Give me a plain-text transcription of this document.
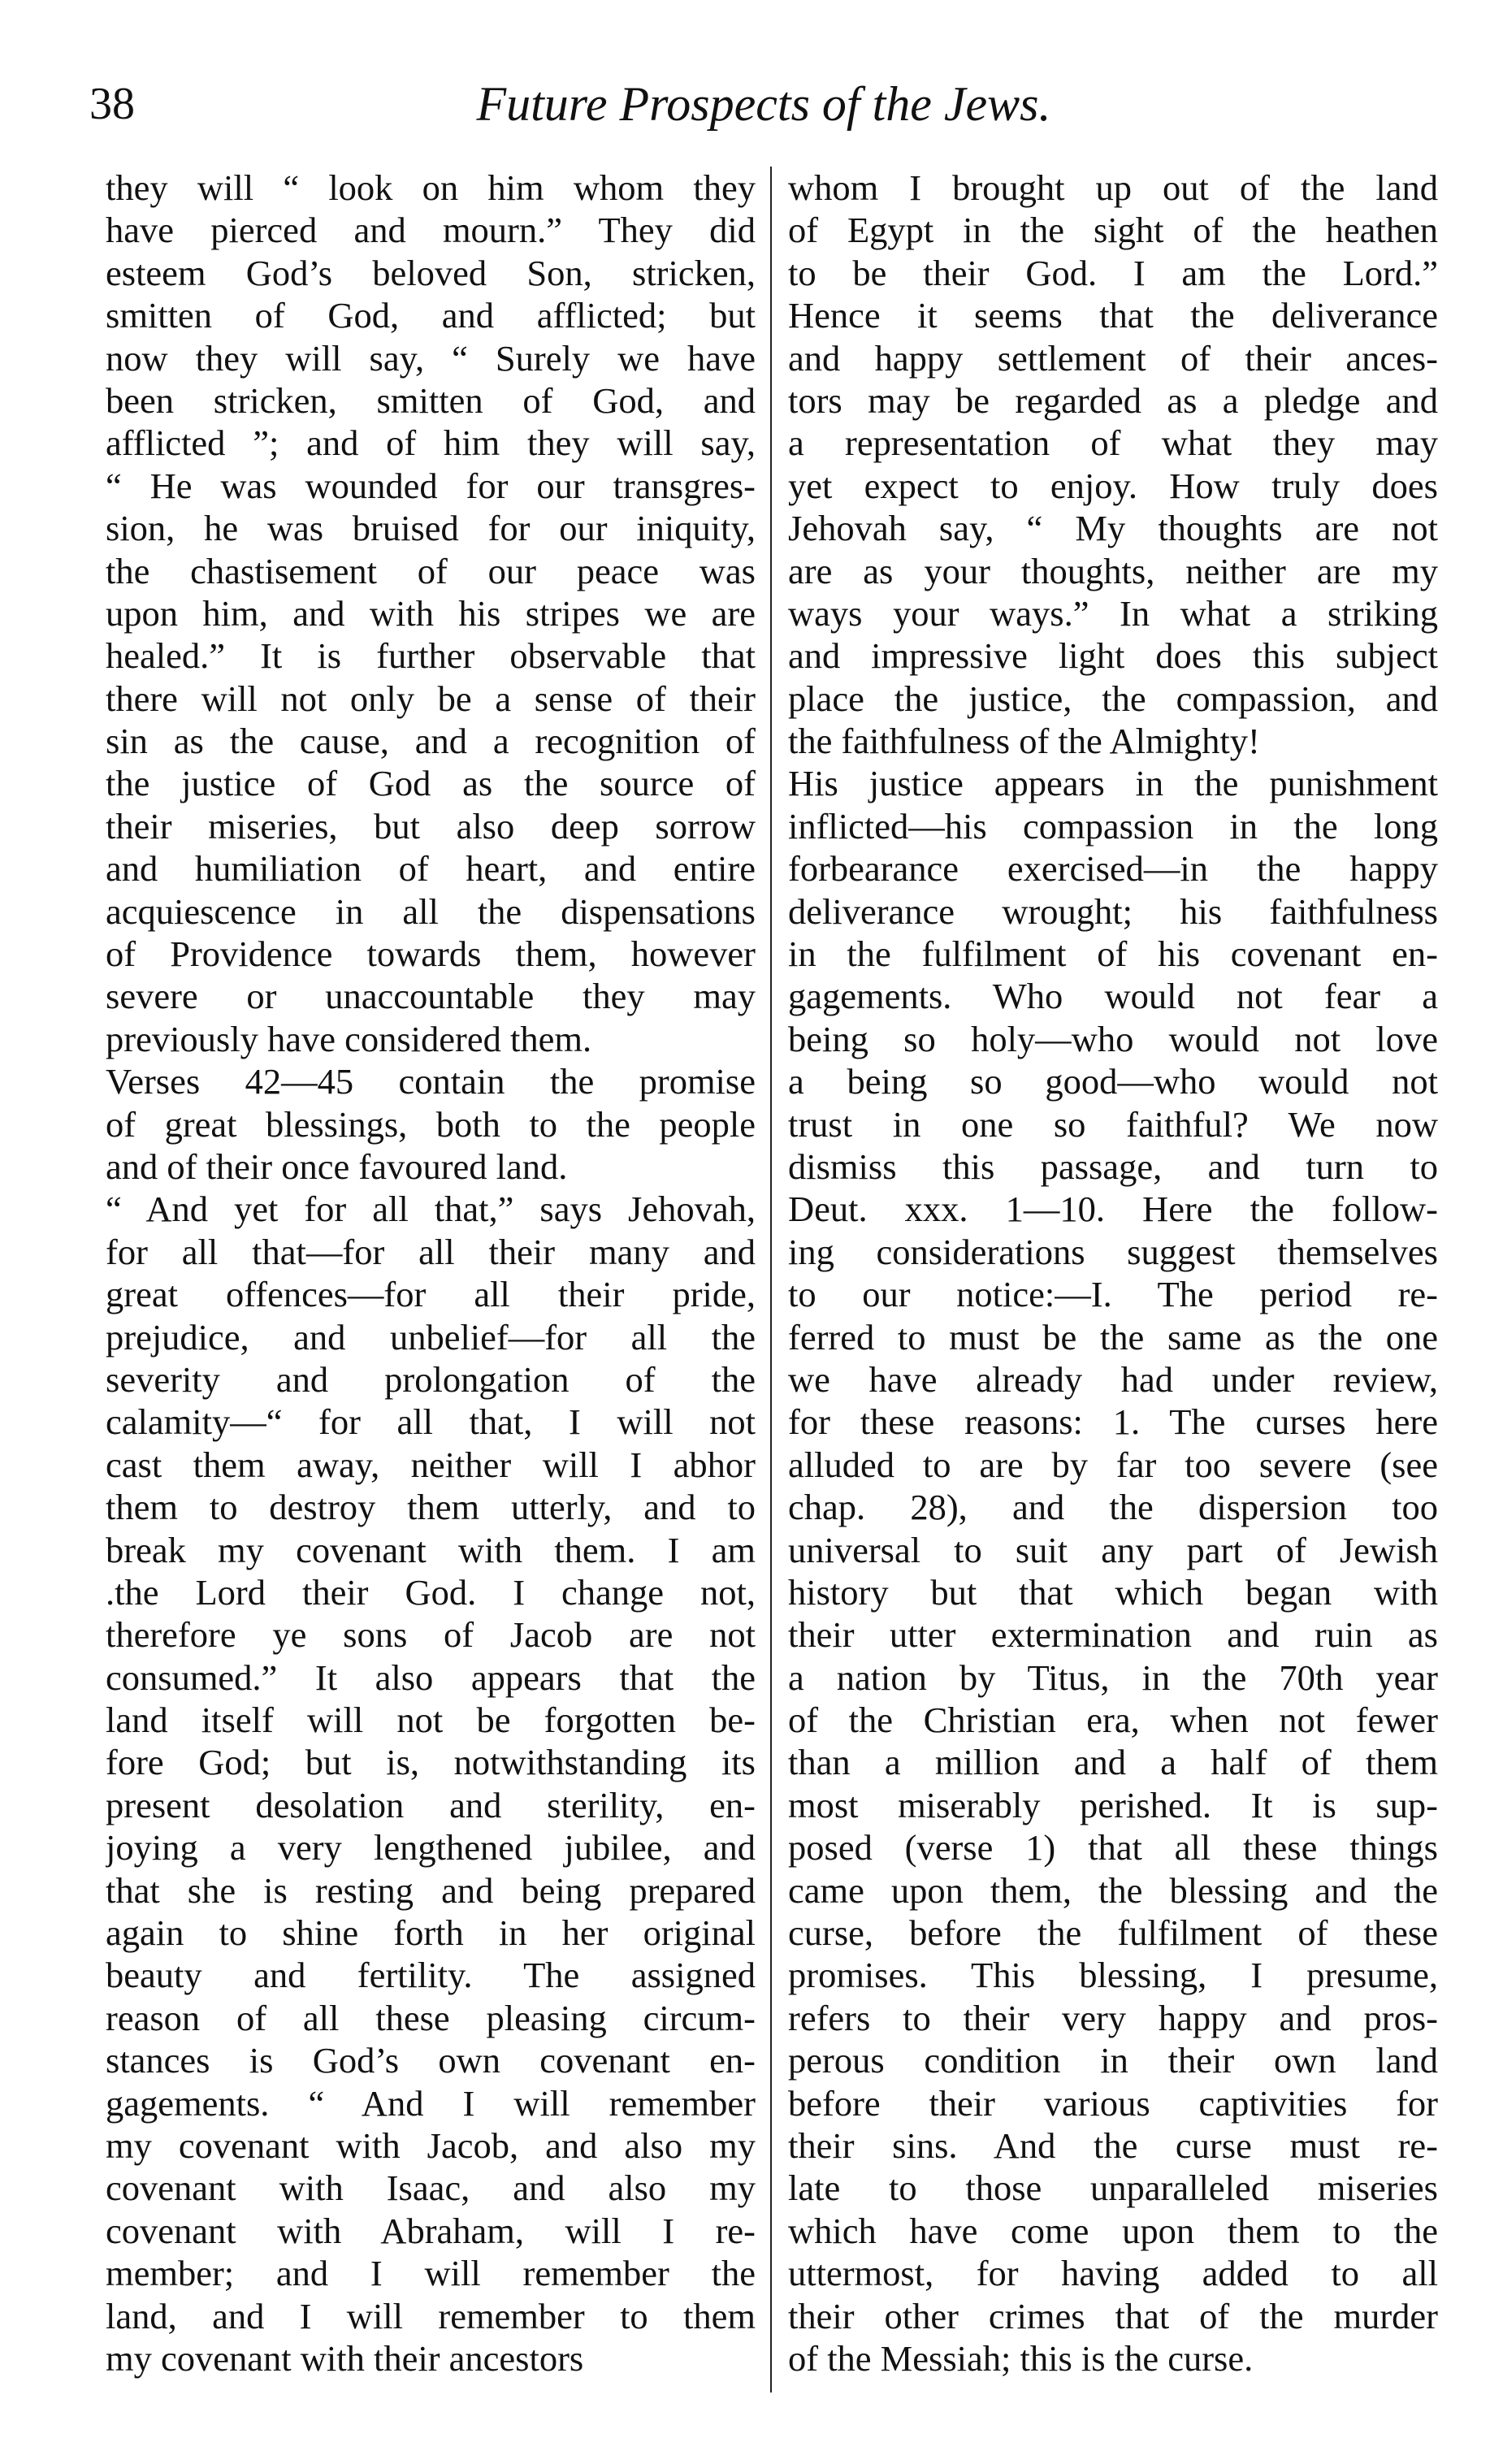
38	Future Prospects of the Jews.
they will “ look on him whom they
have pierced and mourn.” They did
esteem God’s beloved Son, stricken,
smitten of God, and afflicted; but
now they will say, “ Surely we have
been stricken, smitten of God, and
afflicted ”; and of him they will say,
“ He was wounded for our transgres-
sion, he was bruised for our iniquity,
the chastisement of our peace was
upon him, and with his stripes we are
healed.” It is further observable that
there will not only be a sense of their
sin as the cause, and a recognition of
the justice of God as the source of
their miseries, but also deep sorrow
and humiliation of heart, and entire
acquiescence in all the dispensations
of Providence towards them, however
severe or unaccountable they may
previously have considered them.
Verses 42—45 contain the promise
of great blessings, both to the people
and of their once favoured land.
“ And yet for all that,” says Jehovah,
for all that—for all their many and
great offences—for all their pride,
prejudice, and unbelief—for all the
severity and prolongation of the
calamity—“ for all that, I will not
cast them away, neither will I abhor
them to destroy them utterly, and to
break my covenant with them. I am
.the Lord their God. I change not,
therefore ye sons of Jacob are not
consumed.” It also appears that the
land itself will not be forgotten be-
fore God; but is, notwithstanding its
present desolation and sterility, en-
joying a very lengthened jubilee, and
that she is resting and being prepared
again to shine forth in her original
beauty and fertility. The assigned
reason of all these pleasing circum-
stances is God’s own covenant en-
gagements. “ And I will remember
my covenant with Jacob, and also my
covenant with Isaac, and also my
covenant with Abraham, will I re-
member; and I will remember the
land, and I will remember to them
my covenant with their ancestors
whom I brought up out of the land
of Egypt in the sight of the heathen
to be their God. I am the Lord.”
Hence it seems that the deliverance
and happy settlement of their ances-
tors may be regarded as a pledge and
a representation of what they may
yet expect to enjoy. How truly does
Jehovah say, “ My thoughts are not
are as your thoughts, neither are my
ways your ways.” In what a striking
and impressive light does this subject
place the justice, the compassion, and
the faithfulness of the Almighty!
His justice appears in the punishment
inflicted—his compassion in the long
forbearance exercised—in the happy
deliverance wrought; his faithfulness
in the fulfilment of his covenant en-
gagements. Who would not fear a
being so holy—who would not love
a being so good—who would not
trust in one so faithful? We now
dismiss this passage, and turn to
Deut. xxx. 1—10. Here the follow-
ing considerations suggest themselves
to our notice:—I. The period re-
ferred to must be the same as the one
we have already had under review,
for these reasons: 1. The curses here
alluded to are by far too severe (see
chap. 28), and the dispersion too
universal to suit any part of Jewish
history but that which began with
their utter extermination and ruin as
a nation by Titus, in the 70th year
of the Christian era, when not fewer
than a million and a half of them
most miserably perished. It is sup-
posed (verse 1) that all these things
came upon them, the blessing and the
curse, before the fulfilment of these
promises. This blessing, I presume,
refers to their very happy and pros-
perous condition in their own land
before their various captivities for
their sins. And the curse must re-
late to those unparalleled miseries
which have come upon them to the
uttermost, for having added to all
their other crimes that of the murder
of the Messiah; this is the curse.
